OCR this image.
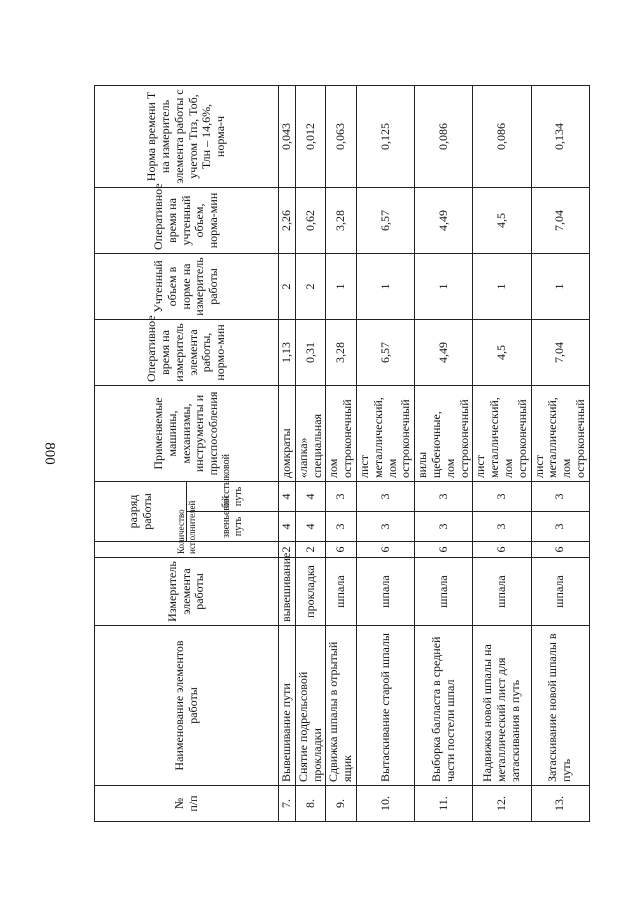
800
№
п/п	Наименование элементов работы	Измеритель элемента работы	Количество исполнителей	разряд работы		Применяемые машины, механизмы, инструменты и приспособления	Оперативное время на измеритель элемента работы, нормо-мин	Учтенный объем в норме на измеритель работы	Оперативное время на учтенный объем, норма-мин	Норма времени Т на измеритель элемента работы с учетом Тпз, Тоб, Тлн – 14,6%, норма-ч
				звеньевой путь	бесстыковой путь					
7.	Вывешивание пути	вывешивание	2	4	4	домкраты	1,13	2	2,26	0,043
8.	Снятие подрельсовой прокладки	прокладка	2	4	4	«лапка» специальная	0,31	2	0,62	0,012
9.	Сдвижка шпалы в отрытый ящик	шпала	6	3	3	лом остроконечный	3,28	1	3,28	0,063
10.	Вытаскивание старой шпалы	шпала	6	3	3	лист металлический, лом остроконечный	6,57	1	6,57	0,125
11.	Выборка балласта в средней части постели шпал	шпала	6	3	3	вилы щебеночные, лом остроконечный	4,49	1	4,49	0,086
12.	Надвижка новой шпалы на металлический лист для затаскивания в путь	шпала	6	3	3	лист металлический, лом остроконечный	4,5	1	4,5	0,086
13.	Затаскивание новой шпалы в путь	шпала	6	3	3	лист металлический, лом остроконечный	7,04	1	7,04	0,134
